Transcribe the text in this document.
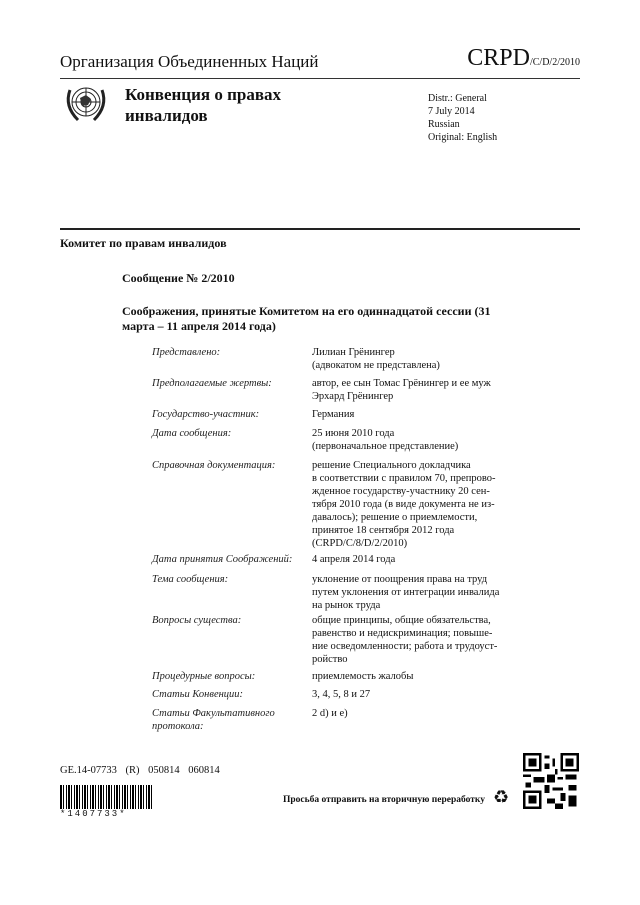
Организация Объединенных Наций	CRPD/C/D/2/2010
Конвенция о правах инвалидов
Distr.: General
7 July 2014
Russian
Original: English
Комитет по правам инвалидов
Сообщение № 2/2010
Соображения, принятые Комитетом на его одиннадцатой сессии (31 марта – 11 апреля 2014 года)
Представлено:	Лилиан Грёнингер
(адвокатом не представлена)
Предполагаемые жертвы:	автор, ее сын Томас Грёнингер и ее муж
Эрхард Грёнингер
Государство-участник:	Германия
Дата сообщения:	25 июня 2010 года
(первоначальное представление)
Справочная документация:	решение Специального докладчика
в соответствии с правилом 70, препрово-
жденное государству-участнику 20 сен-
тября 2010 года (в виде документа не из-
давалось); решение о приемлемости,
принятое 18 сентября 2012 года
(CRPD/C/8/D/2/2010)
Дата принятия Соображений:	4 апреля 2014 года
Тема сообщения:	уклонение от поощрения права на труд
путем уклонения от интеграции инвалида
на рынок труда
Вопросы существа:	общие принципы, общие обязательства,
равенство и недискриминация; повыше-
ние осведомленности; работа и трудоуст-
ройство
Процедурные вопросы:	приемлемость жалобы
Статьи Конвенции:	3, 4, 5, 8 и 27
Статьи Факультативного
протокола:
2 d) и e)
GE.14-07733 (R) 050814 060814
*1407733*
Просьба отправить на вторичную переработку ♻
